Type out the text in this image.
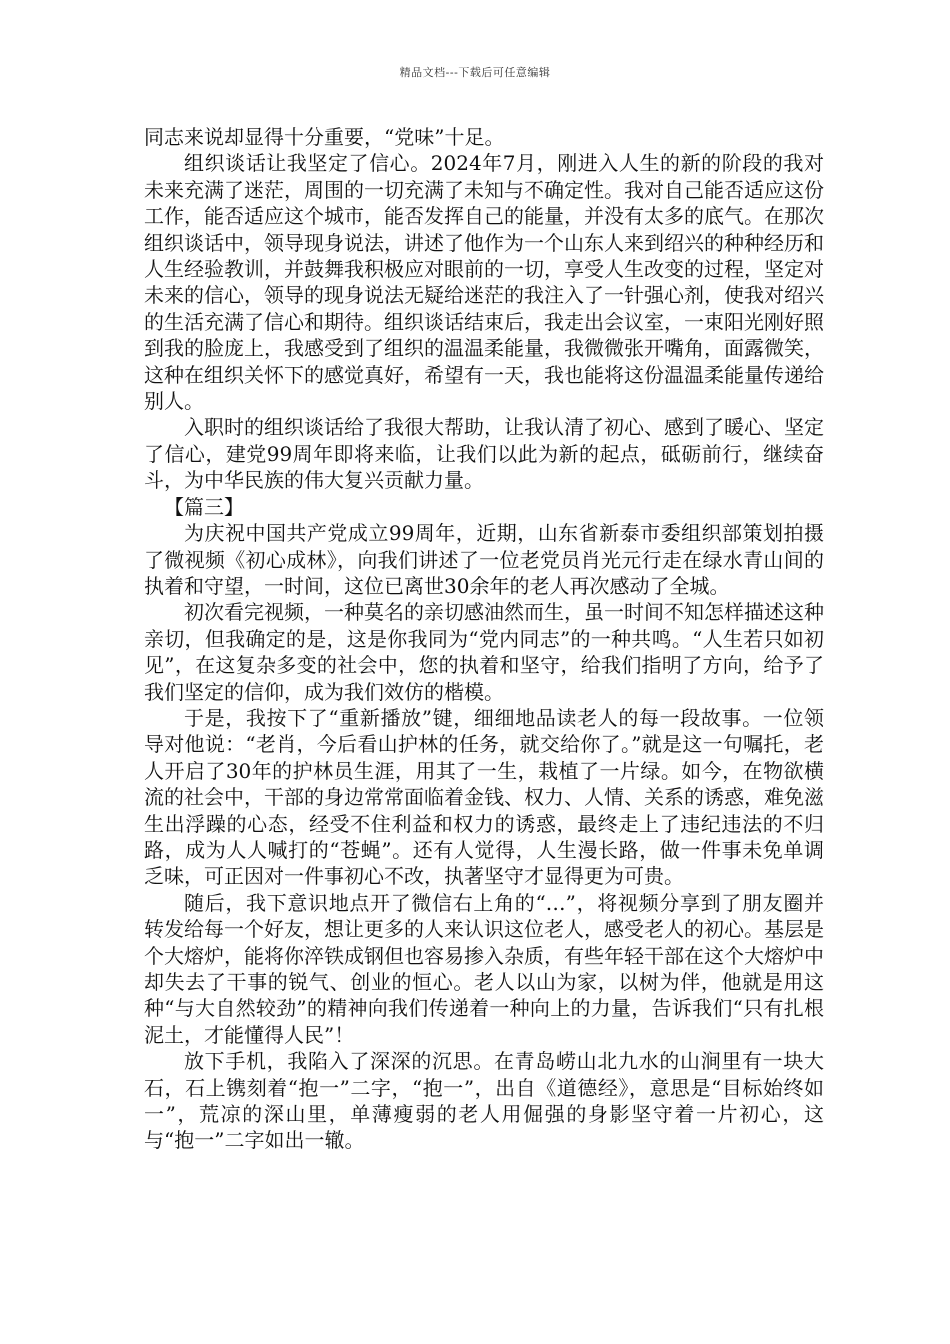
精品文档---下载后可任意编辑

同志来说却显得十分重要，“党味”十足。

组织谈话让我坚定了信心。2024年7月，刚进入人生的新的阶段的我对未来充满了迷茫，周围的一切充满了未知与不确定性。我对自己能否适应这份工作，能否适应这个城市，能否发挥自己的能量，并没有太多的底气。在那次组织谈话中，领导现身说法，讲述了他作为一个山东人来到绍兴的种种经历和人生经验教训，并鼓舞我积极应对眼前的一切，享受人生改变的过程，坚定对未来的信心，领导的现身说法无疑给迷茫的我注入了一针强心剂，使我对绍兴的生活充满了信心和期待。组织谈话结束后，我走出会议室，一束阳光刚好照到我的脸庞上，我感受到了组织的温温柔能量，我微微张开嘴角，面露微笑，这种在组织关怀下的感觉真好，希望有一天，我也能将这份温温柔能量传递给别人。

入职时的组织谈话给了我很大帮助，让我认清了初心、感到了暖心、坚定了信心，建党99周年即将来临，让我们以此为新的起点，砥砺前行，继续奋斗，为中华民族的伟大复兴贡献力量。

【篇三】

为庆祝中国共产党成立99周年，近期，山东省新泰市委组织部策划拍摄了微视频《初心成林》，向我们讲述了一位老党员肖光元行走在绿水青山间的执着和守望，一时间，这位已离世30余年的老人再次感动了全城。

初次看完视频，一种莫名的亲切感油然而生，虽一时间不知怎样描述这种亲切，但我确定的是，这是你我同为“党内同志”的一种共鸣。“人生若只如初见”，在这复杂多变的社会中，您的执着和坚守，给我们指明了方向，给予了我们坚定的信仰，成为我们效仿的楷模。

于是，我按下了“重新播放”键，细细地品读老人的每一段故事。一位领导对他说：“老肖，今后看山护林的任务，就交给你了。”就是这一句嘱托，老人开启了30年的护林员生涯，用其了一生，栽植了一片绿。如今，在物欲横流的社会中，干部的身边常常面临着金钱、权力、人情、关系的诱惑，难免滋生出浮躁的心态，经受不住利益和权力的诱惑，最终走上了违纪违法的不归路，成为人人喊打的“苍蝇”。还有人觉得，人生漫长路，做一件事未免单调乏味，可正因对一件事初心不改，执著坚守才显得更为可贵。

随后，我下意识地点开了微信右上角的“…”，将视频分享到了朋友圈并转发给每一个好友，想让更多的人来认识这位老人，感受老人的初心。基层是个大熔炉，能将你淬铁成钢但也容易掺入杂质，有些年轻干部在这个大熔炉中却失去了干事的锐气、创业的恒心。老人以山为家，以树为伴，他就是用这种“与大自然较劲”的精神向我们传递着一种向上的力量，告诉我们“只有扎根泥土，才能懂得人民”！

放下手机，我陷入了深深的沉思。在青岛崂山北九水的山涧里有一块大石，石上镌刻着“抱一”二字，“抱一”，出自《道德经》，意思是“目标始终如一”，荒凉的深山里，单薄瘦弱的老人用倔强的身影坚守着一片初心，这与“抱一”二字如出一辙。
